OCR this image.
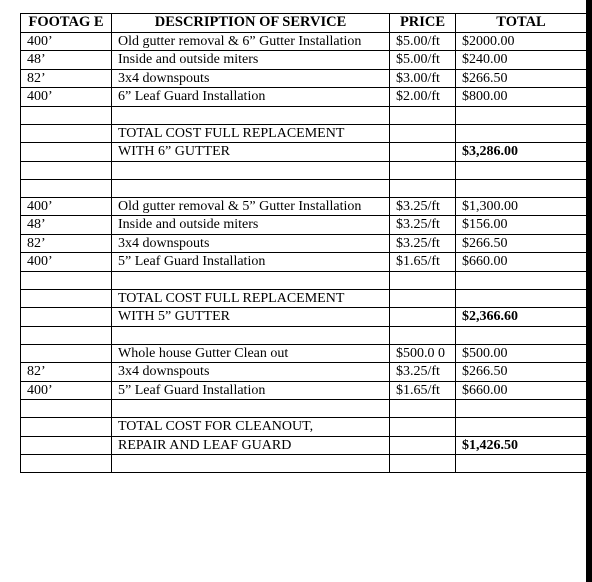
FOOTAG E	DESCRIPTION OF SERVICE	PRICE	TOTAL
400’	Old gutter removal & 6” Gutter Installation	$5.00/ft	$2000.00
48’	Inside and outside miters	$5.00/ft	$240.00
82’	3x4 downspouts	$3.00/ft	$266.50
400’	6” Leaf Guard Installation	$2.00/ft	$800.00

	TOTAL COST FULL REPLACEMENT		
	WITH 6” GUTTER		$3,286.00

400’	Old gutter removal & 5” Gutter Installation	$3.25/ft	$1,300.00
48’	Inside and outside miters	$3.25/ft	$156.00
82’	3x4 downspouts	$3.25/ft	$266.50
400’	5” Leaf Guard Installation	$1.65/ft	$660.00

	TOTAL COST FULL REPLACEMENT		
	WITH 5” GUTTER		$2,366.60

	Whole house Gutter Clean out	$500.0 0	$500.00
82’	3x4 downspouts	$3.25/ft	$266.50
400’	5” Leaf Guard Installation	$1.65/ft	$660.00

	TOTAL COST FOR CLEANOUT,		
	REPAIR AND LEAF GUARD		$1,426.50
